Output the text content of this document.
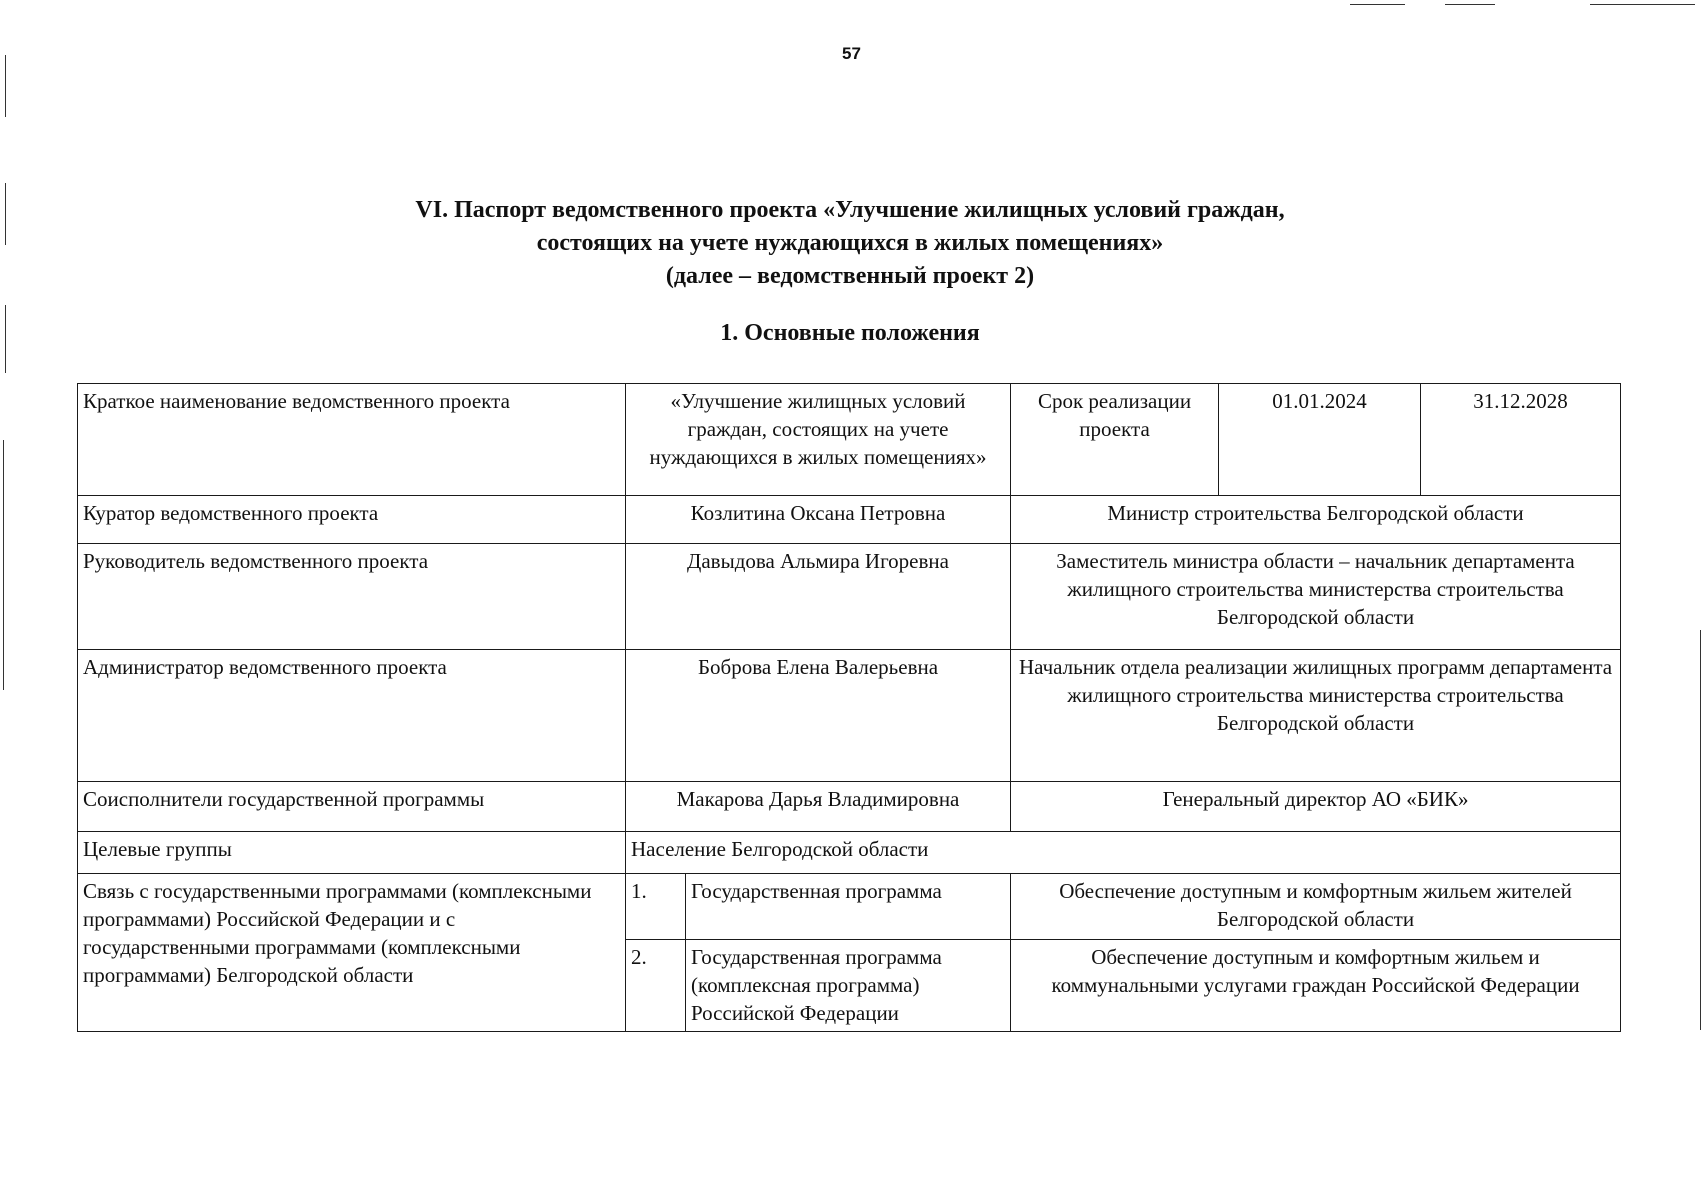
57
VI. Паспорт ведомственного проекта «Улучшение жилищных условий граждан,
состоящих на учете нуждающихся в жилых помещениях»
(далее – ведомственный проект 2)
1. Основные положения
Краткое наименование ведомственного проекта	«Улучшение жилищных условий граждан, состоящих на учете нуждающихся в жилых помещениях»		Срок реализации проекта	01.01.2024	31.12.2028
Куратор ведомственного проекта	Козлитина Оксана Петровна		Министр строительства Белгородской области		
Руководитель ведомственного проекта	Давыдова Альмира Игоревна		Заместитель министра области – начальник департамента жилищного строительства министерства строительства Белгородской области		
Администратор ведомственного проекта	Боброва Елена Валерьевна		Начальник отдела реализации жилищных программ департамента жилищного строительства министерства строительства Белгородской области		
Соисполнители государственной программы	Макарова Дарья Владимировна		Генеральный директор АО «БИК»		
Целевые группы	Население Белгородской области				
Связь с государственными программами (комплексными программами) Российской Федерации и с государственными программами (комплексными программами) Белгородской области	1.	Государственная программа	Обеспечение доступным и комфортным жильем жителей Белгородской области		
	2.	Государственная программа (комплексная программа) Российской Федерации	Обеспечение доступным и комфортным жильем и коммунальными услугами граждан Российской Федерации		
